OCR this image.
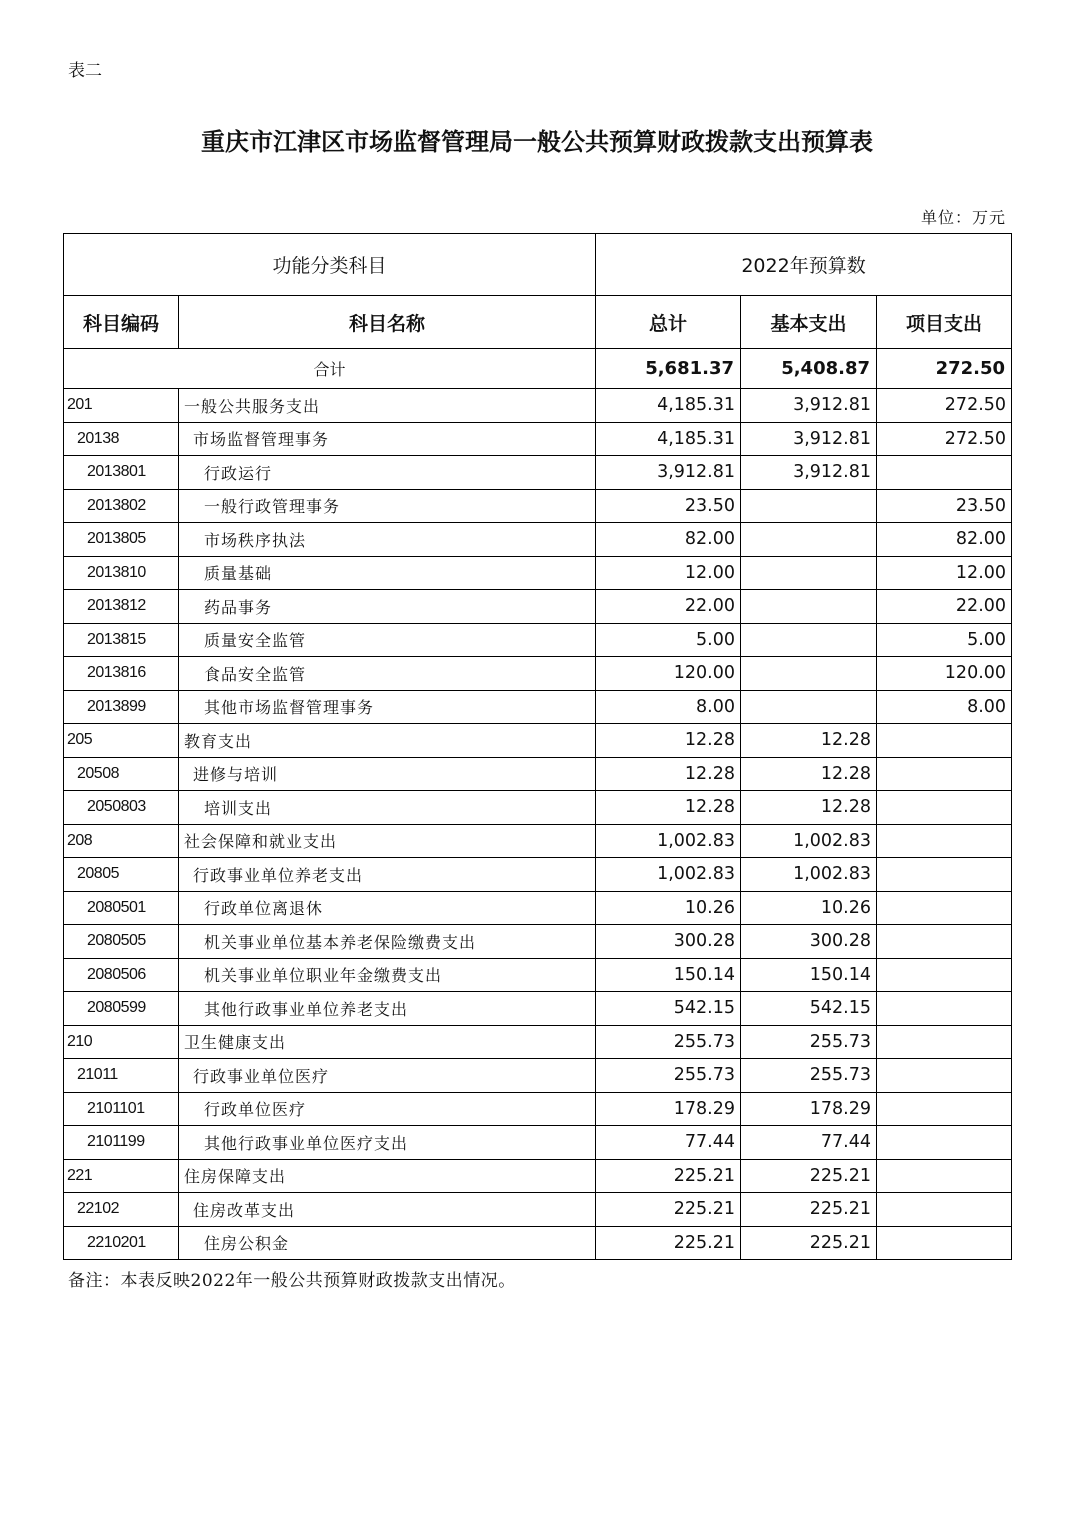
表二
重庆市江津区市场监督管理局一般公共预算财政拨款支出预算表
单位：万元
功能分类科目		2022年预算数		
科目编码	科目名称	总计	基本支出	项目支出
合计		5,681.37	5,408.87	272.50
201	一般公共服务支出	4,185.31	3,912.81	272.50
20138	市场监督管理事务	4,185.31	3,912.81	272.50
2013801	行政运行	3,912.81	3,912.81	
2013802	一般行政管理事务	23.50		23.50
2013805	市场秩序执法	82.00		82.00
2013810	质量基础	12.00		12.00
2013812	药品事务	22.00		22.00
2013815	质量安全监管	5.00		5.00
2013816	食品安全监管	120.00		120.00
2013899	其他市场监督管理事务	8.00		8.00
205	教育支出	12.28	12.28	
20508	进修与培训	12.28	12.28	
2050803	培训支出	12.28	12.28	
208	社会保障和就业支出	1,002.83	1,002.83	
20805	行政事业单位养老支出	1,002.83	1,002.83	
2080501	行政单位离退休	10.26	10.26	
2080505	机关事业单位基本养老保险缴费支出	300.28	300.28	
2080506	机关事业单位职业年金缴费支出	150.14	150.14	
2080599	其他行政事业单位养老支出	542.15	542.15	
210	卫生健康支出	255.73	255.73	
21011	行政事业单位医疗	255.73	255.73	
2101101	行政单位医疗	178.29	178.29	
2101199	其他行政事业单位医疗支出	77.44	77.44	
221	住房保障支出	225.21	225.21	
22102	住房改革支出	225.21	225.21	
2210201	住房公积金	225.21	225.21	
备注：本表反映2022年一般公共预算财政拨款支出情况。
